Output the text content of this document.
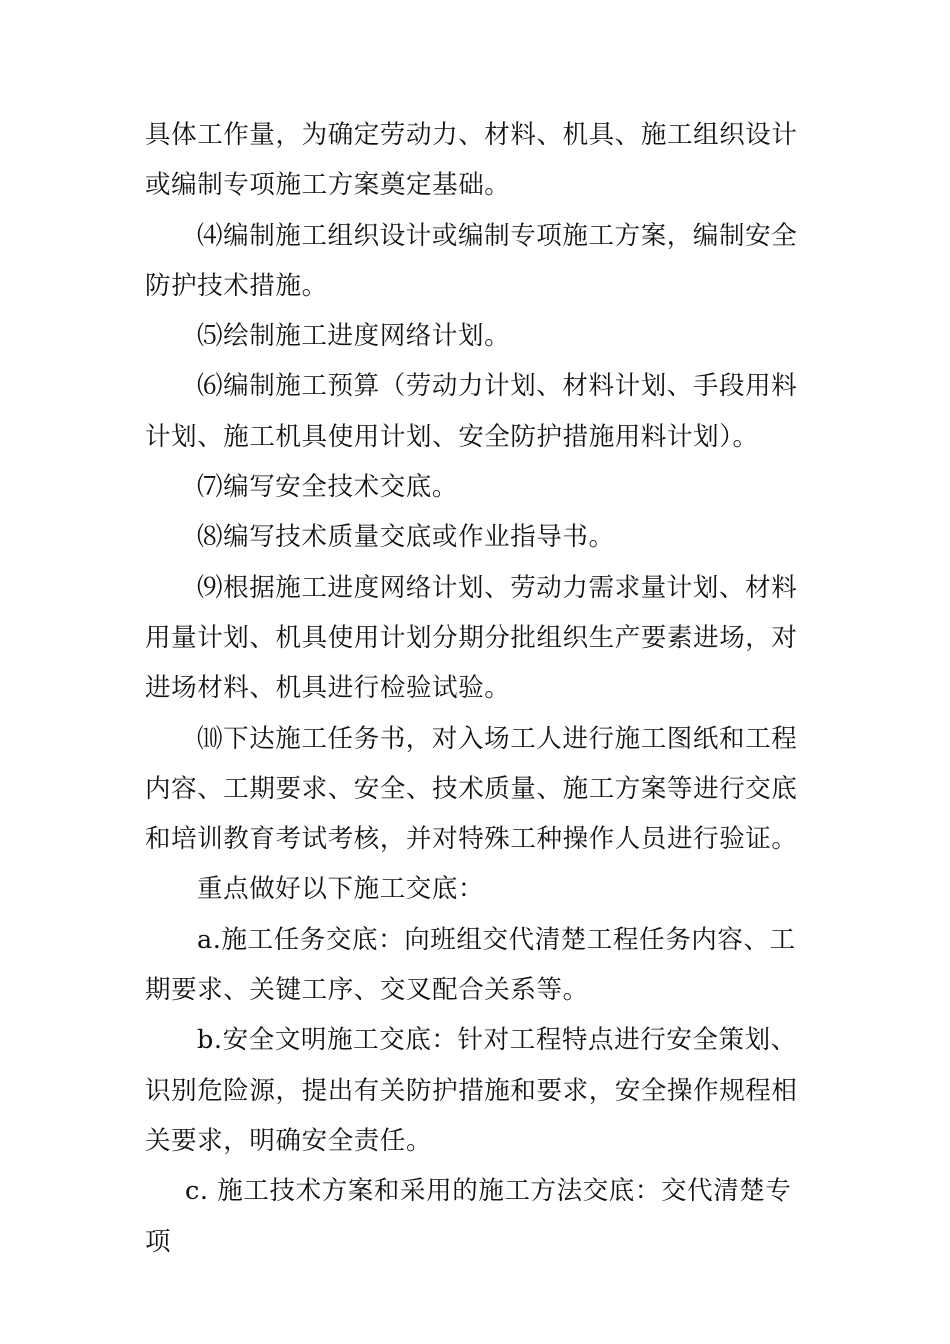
具体工作量，为确定劳动力、材料、机具、施工组织设计或编制专项施工方案奠定基础。

⑷编制施工组织设计或编制专项施工方案，编制安全防护技术措施。

⑸绘制施工进度网络计划。

⑹编制施工预算（劳动力计划、材料计划、手段用料计划、施工机具使用计划、安全防护措施用料计划）。

⑺编写安全技术交底。

⑻编写技术质量交底或作业指导书。

⑼根据施工进度网络计划、劳动力需求量计划、材料用量计划、机具使用计划分期分批组织生产要素进场，对进场材料、机具进行检验试验。

⑽下达施工任务书，对入场工人进行施工图纸和工程内容、工期要求、安全、技术质量、施工方案等进行交底和培训教育考试考核，并对特殊工种操作人员进行验证。

重点做好以下施工交底：

a.施工任务交底：向班组交代清楚工程任务内容、工期要求、关键工序、交叉配合关系等。

b.安全文明施工交底：针对工程特点进行安全策划、识别危险源，提出有关防护措施和要求，安全操作规程相关要求，明确安全责任。

c. 施工技术方案和采用的施工方法交底：交代清楚专项
